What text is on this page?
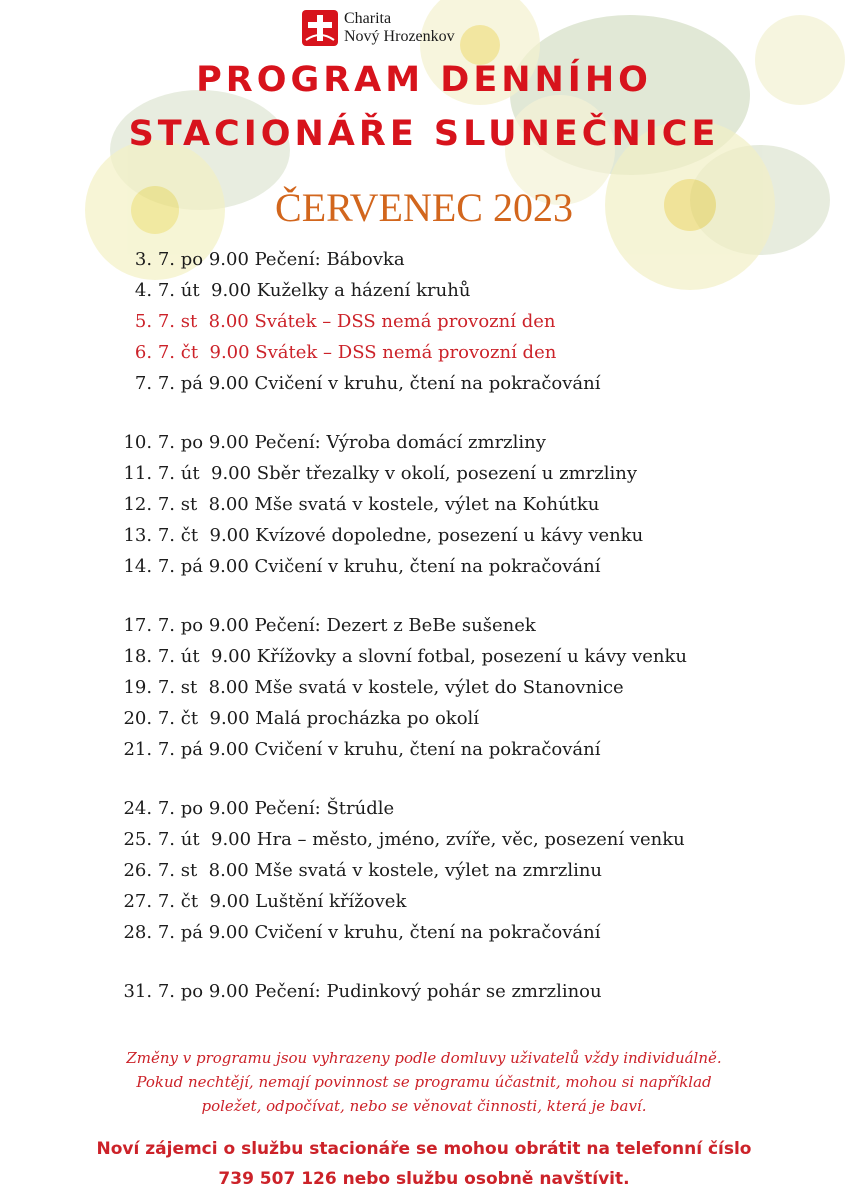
Charita
Nový Hrozenkov
PROGRAM DENNÍHO
STACIONÁŘE SLUNEČNICE
ČERVENEC 2023
3. 7. po 9.00 Pečení: Bábovka
4. 7. út  9.00 Kuželky a házení kruhů
5. 7. st  8.00 Svátek – DSS nemá provozní den
6. 7. čt  9.00 Svátek – DSS nemá provozní den
7. 7. pá 9.00 Cvičení v kruhu, čtení na pokračování
10. 7. po 9.00 Pečení: Výroba domácí zmrzliny
11. 7. út  9.00 Sběr třezalky v okolí, posezení u zmrzliny
12. 7. st  8.00 Mše svatá v kostele, výlet na Kohútku
13. 7. čt  9.00 Kvízové dopoledne, posezení u kávy venku
14. 7. pá 9.00 Cvičení v kruhu, čtení na pokračování
17. 7. po 9.00 Pečení: Dezert z BeBe sušenek
18. 7. út  9.00 Křížovky a slovní fotbal, posezení u kávy venku
19. 7. st  8.00 Mše svatá v kostele, výlet do Stanovnice
20. 7. čt  9.00 Malá procházka po okolí
21. 7. pá 9.00 Cvičení v kruhu, čtení na pokračování
24. 7. po 9.00 Pečení: Štrúdle
25. 7. út  9.00 Hra – město, jméno, zvíře, věc, posezení venku
26. 7. st  8.00 Mše svatá v kostele, výlet na zmrzlinu
27. 7. čt  9.00 Luštění křížovek
28. 7. pá 9.00 Cvičení v kruhu, čtení na pokračování
31. 7. po 9.00 Pečení: Pudinkový pohár se zmrzlinou
Změny v programu jsou vyhrazeny podle domluvy uživatelů vždy individuálně.
Pokud nechtějí, nemají povinnost se programu účastnit, mohou si například
poležet, odpočívat, nebo se věnovat činnosti, která je baví.
Noví zájemci o službu stacionáře se mohou obrátit na telefonní číslo
739 507 126 nebo službu osobně navštívit.
